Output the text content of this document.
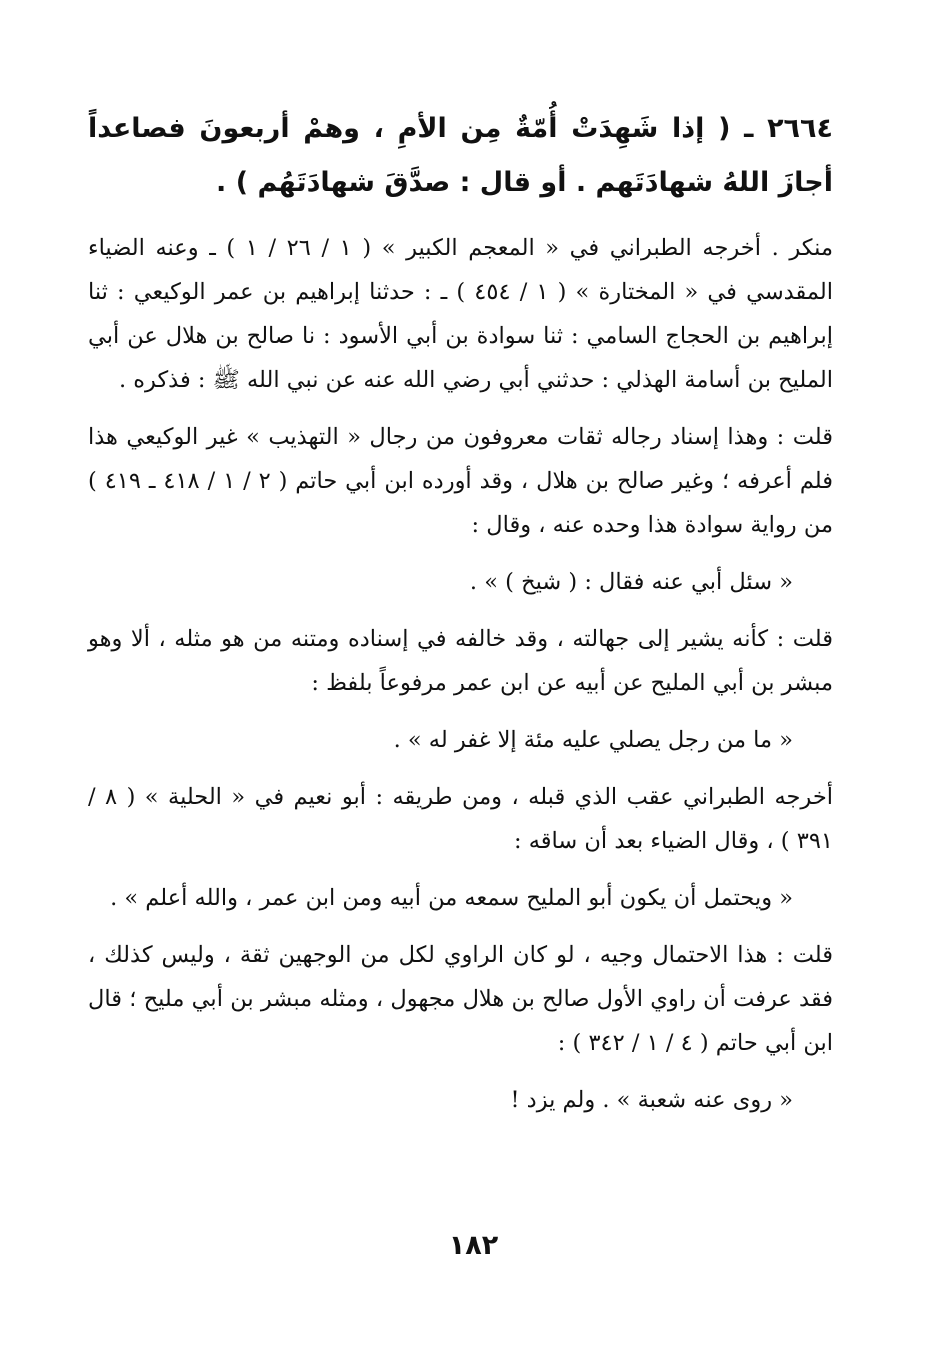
٢٦٦٤ ـ ( إذا شَهِدَتْ أُمّةٌ مِن الأمِ ، وهمْ أربعونَ فصاعداً أجازَ اللهُ شهادَتَهم . أو قال : صدَّقَ شهادَتَهُم ) .

منكر . أخرجه الطبراني في « المعجم الكبير » ( ١ / ٢٦ / ١ ) ـ وعنه الضياء المقدسي في « المختارة » ( ١ / ٤٥٤ ) ـ : حدثنا إبراهيم بن عمر الوكيعي : ثنا إبراهيم بن الحجاج السامي : ثنا سوادة بن أبي الأسود : نا صالح بن هلال عن أبي المليح بن أسامة الهذلي : حدثني أبي رضي الله عنه عن نبي الله ﷺ : فذكره .

قلت : وهذا إسناد رجاله ثقات معروفون من رجال « التهذيب » غير الوكيعي هذا فلم أعرفه ؛ وغير صالح بن هلال ، وقد أورده ابن أبي حاتم ( ٢ / ١ / ٤١٨ ـ ٤١٩ ) من رواية سوادة هذا وحده عنه ، وقال :

« سئل أبي عنه فقال : ( شيخ ) » .

قلت : كأنه يشير إلى جهالته ، وقد خالفه في إسناده ومتنه من هو مثله ، ألا وهو مبشر بن أبي المليح عن أبيه عن ابن عمر مرفوعاً بلفظ :

« ما من رجل يصلي عليه مئة إلا غفر له » .

أخرجه الطبراني عقب الذي قبله ، ومن طريقه : أبو نعيم في « الحلية » ( ٨ / ٣٩١ ) ، وقال الضياء بعد أن ساقه :

« ويحتمل أن يكون أبو المليح سمعه من أبيه ومن ابن عمر ، والله أعلم » .

قلت : هذا الاحتمال وجيه ، لو كان الراوي لكل من الوجهين ثقة ، وليس كذلك ، فقد عرفت أن راوي الأول صالح بن هلال مجهول ، ومثله مبشر بن أبي مليح ؛ قال ابن أبي حاتم ( ٤ / ١ / ٣٤٢ ) :

« روى عنه شعبة » . ولم يزد !

١٨٢
